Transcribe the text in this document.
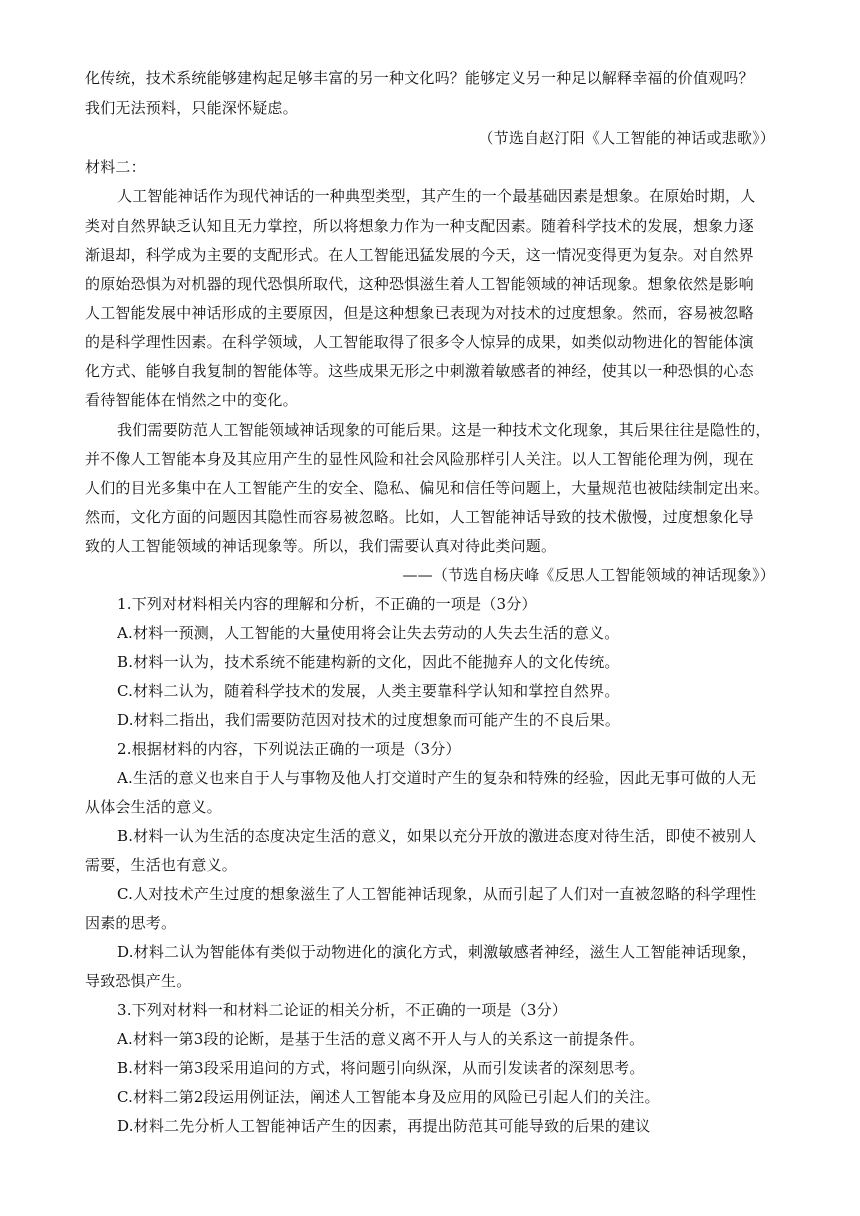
化传统，技术系统能够建构起足够丰富的另一种文化吗？能够定义另一种足以解释幸福的价值观吗？
我们无法预料，只能深怀疑虑。
（节选自赵汀阳《人工智能的神话或悲歌》）
材料二：
人工智能神话作为现代神话的一种典型类型，其产生的一个最基础因素是想象。在原始时期，人
类对自然界缺乏认知且无力掌控，所以将想象力作为一种支配因素。随着科学技术的发展，想象力逐
渐退却，科学成为主要的支配形式。在人工智能迅猛发展的今天，这一情况变得更为复杂。对自然界
的原始恐惧为对机器的现代恐惧所取代，这种恐惧滋生着人工智能领域的神话现象。想象依然是影响
人工智能发展中神话形成的主要原因，但是这种想象已表现为对技术的过度想象。然而，容易被忽略
的是科学理性因素。在科学领域，人工智能取得了很多令人惊异的成果，如类似动物进化的智能体演
化方式、能够自我复制的智能体等。这些成果无形之中刺激着敏感者的神经，使其以一种恐惧的心态
看待智能体在悄然之中的变化。
我们需要防范人工智能领域神话现象的可能后果。这是一种技术文化现象，其后果往往是隐性的，
并不像人工智能本身及其应用产生的显性风险和社会风险那样引人关注。以人工智能伦理为例，现在
人们的目光多集中在人工智能产生的安全、隐私、偏见和信任等问题上，大量规范也被陆续制定出来。
然而，文化方面的问题因其隐性而容易被忽略。比如，人工智能神话导致的技术傲慢，过度想象化导
致的人工智能领域的神话现象等。所以，我们需要认真对待此类问题。
——（节选自杨庆峰《反思人工智能领域的神话现象》）
1.下列对材料相关内容的理解和分析，不正确的一项是（3分）
A.材料一预测，人工智能的大量使用将会让失去劳动的人失去生活的意义。
B.材料一认为，技术系统不能建构新的文化，因此不能抛弃人的文化传统。
C.材料二认为，随着科学技术的发展，人类主要靠科学认知和掌控自然界。
D.材料二指出，我们需要防范因对技术的过度想象而可能产生的不良后果。
2.根据材料的内容，下列说法正确的一项是（3分）
A.生活的意义也来自于人与事物及他人打交道时产生的复杂和特殊的经验，因此无事可做的人无
从体会生活的意义。
B.材料一认为生活的态度决定生活的意义，如果以充分开放的激进态度对待生活，即使不被别人
需要，生活也有意义。
C.人对技术产生过度的想象滋生了人工智能神话现象，从而引起了人们对一直被忽略的科学理性
因素的思考。
D.材料二认为智能体有类似于动物进化的演化方式，刺激敏感者神经，滋生人工智能神话现象，
导致恐惧产生。
3.下列对材料一和材料二论证的相关分析，不正确的一项是（3分）
A.材料一第3段的论断，是基于生活的意义离不开人与人的关系这一前提条件。
B.材料一第3段采用追问的方式，将问题引向纵深，从而引发读者的深刻思考。
C.材料二第2段运用例证法，阐述人工智能本身及应用的风险已引起人们的关注。
D.材料二先分析人工智能神话产生的因素，再提出防范其可能导致的后果的建议
